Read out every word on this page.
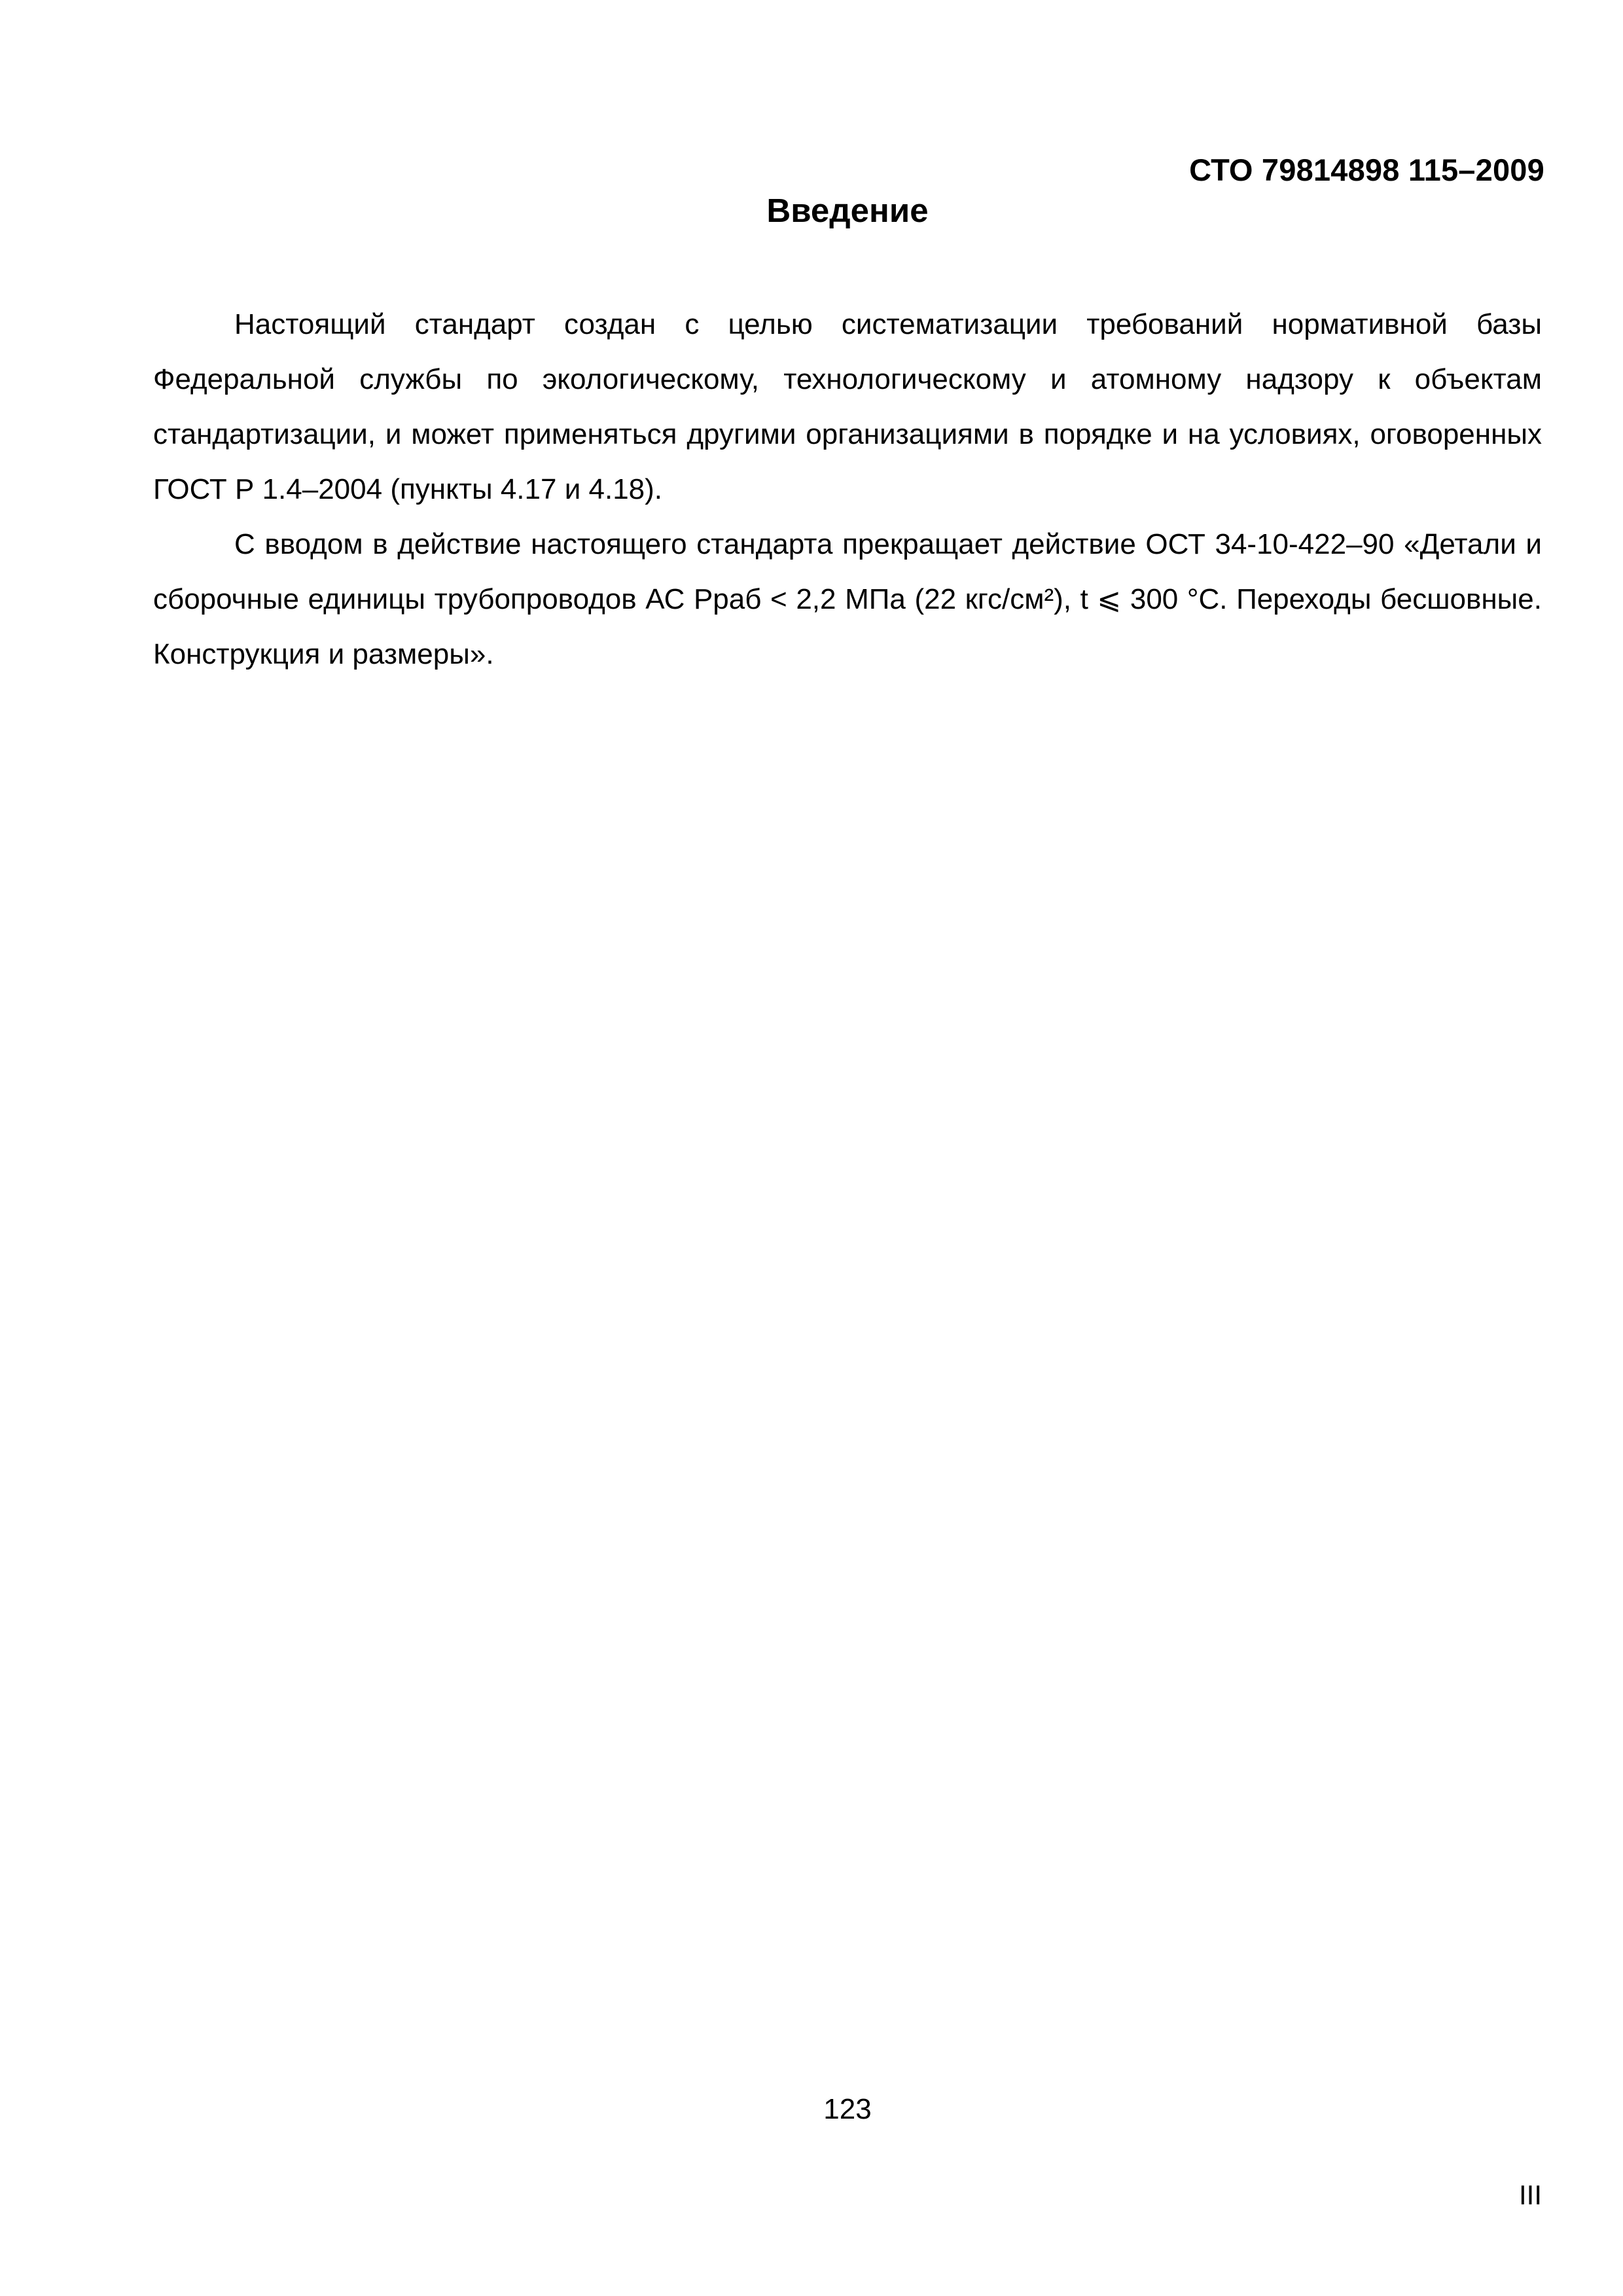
СТО 79814898 115–2009
Введение

Настоящий стандарт создан с целью систематизации требований нормативной базы Федеральной службы по экологическому, технологическому и атомному надзору к объектам стандартизации, и может применяться другими организациями в порядке и на условиях, оговоренных ГОСТ Р 1.4–2004 (пункты 4.17 и 4.18).

С вводом в действие настоящего стандарта прекращает действие ОСТ 34-10-422–90 «Детали и сборочные единицы трубопроводов АС Рраб < 2,2 МПа (22 кгс/см²), t ⩽ 300 °С. Переходы бесшовные. Конструкция и размеры».

123
III
